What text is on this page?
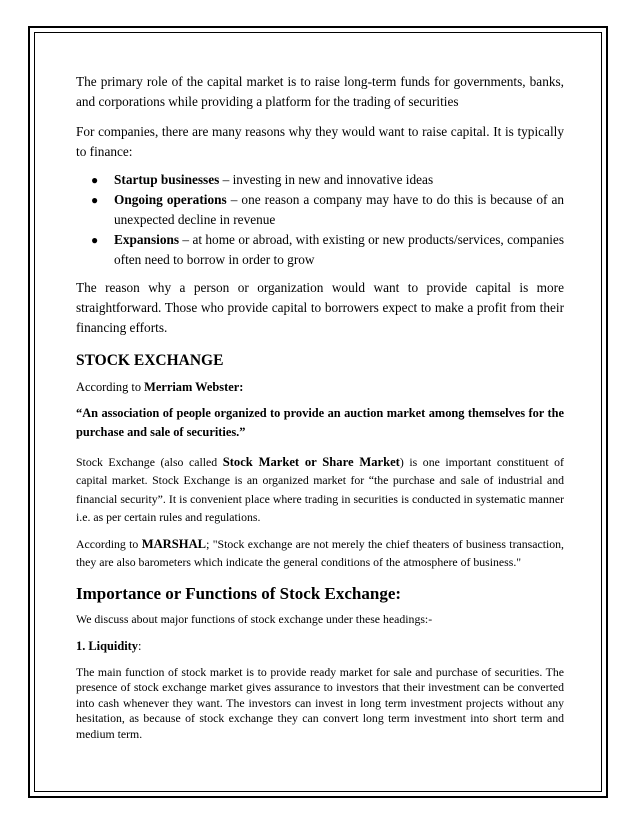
The primary role of the capital market is to raise long-term funds for governments, banks, and corporations while providing a platform for the trading of securities

For companies, there are many reasons why they would want to raise capital. It is typically to finance:

● Startup businesses – investing in new and innovative ideas
● Ongoing operations – one reason a company may have to do this is because of an unexpected decline in revenue
● Expansions – at home or abroad, with existing or new products/services, companies often need to borrow in order to grow

The reason why a person or organization would want to provide capital is more straightforward. Those who provide capital to borrowers expect to make a profit from their financing efforts.

STOCK EXCHANGE

According to Merriam Webster:

“An association of people organized to provide an auction market among themselves for the purchase and sale of securities.”

Stock Exchange (also called Stock Market or Share Market) is one important constituent of capital market. Stock Exchange is an organized market for “the purchase and sale of industrial and financial security”. It is convenient place where trading in securities is conducted in systematic manner i.e. as per certain rules and regulations.

According to MARSHAL; "Stock exchange are not merely the chief theaters of business transaction, they are also barometers which indicate the general conditions of the atmosphere of business."

Importance or Functions of Stock Exchange:

We discuss about major functions of stock exchange under these headings:-

1. Liquidity:

The main function of stock market is to provide ready market for sale and purchase of securities. The presence of stock exchange market gives assurance to investors that their investment can be converted into cash whenever they want. The investors can invest in long term investment projects without any hesitation, as because of stock exchange they can convert long term investment into short term and medium term.
